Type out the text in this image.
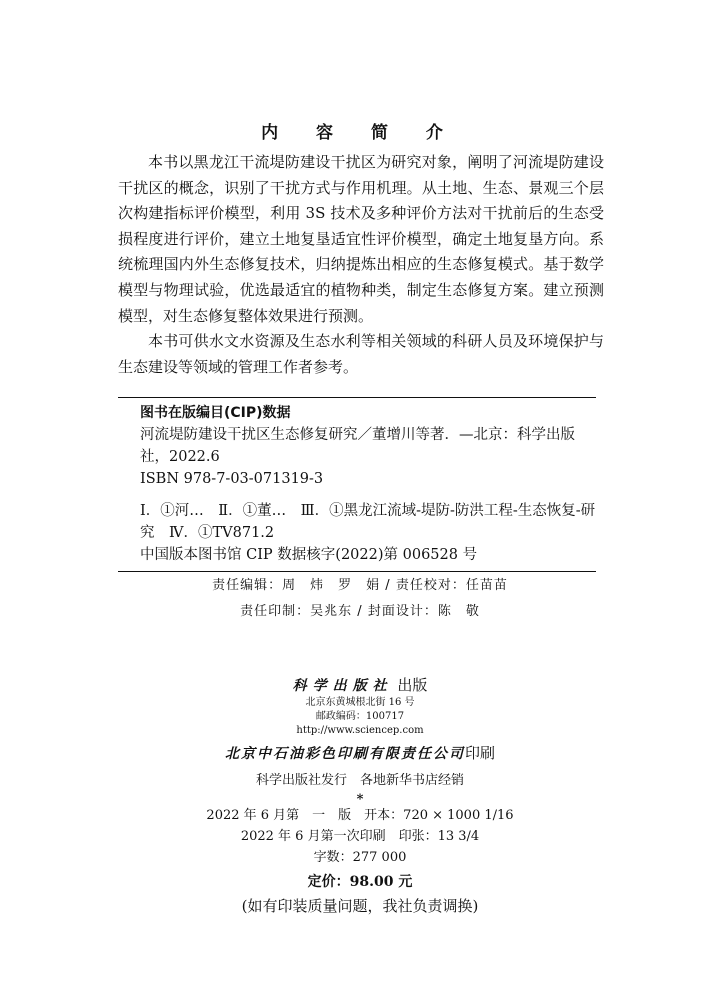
内 容 简 介

本书以黑龙江干流堤防建设干扰区为研究对象，阐明了河流堤防建设干扰区的概念，识别了干扰方式与作用机理。从土地、生态、景观三个层次构建指标评价模型，利用 3S 技术及多种评价方法对干扰前后的生态受损程度进行评价，建立土地复垦适宜性评价模型，确定土地复垦方向。系统梳理国内外生态修复技术，归纳提炼出相应的生态修复模式。基于数学模型与物理试验，优选最适宜的植物种类，制定生态修复方案。建立预测模型，对生态修复整体效果进行预测。

本书可供水文水资源及生态水利等相关领域的科研人员及环境保护与生态建设等领域的管理工作者参考。

图书在版编目(CIP)数据
河流堤防建设干扰区生态修复研究／董增川等著．—北京：科学出版社，2022.6
ISBN 978-7-03-071319-3
Ⅰ．①河…　Ⅱ．①董…　Ⅲ．①黑龙江流域-堤防-防洪工程-生态恢复-研究　Ⅳ．①TV871.2
中国版本图书馆 CIP 数据核字(2022)第 006528 号
责任编辑：周　炜　罗　娟 / 责任校对：任苗苗
责任印制：吴兆东 / 封面设计：陈　敬
科学出版社 出版
北京东黄城根北街 16 号
邮政编码：100717
http://www.sciencep.com
北京中石油彩色印刷有限责任公司印刷
科学出版社发行　各地新华书店经销
*
2022 年 6 月第　一　版　开本：720 × 1000 1/16
2022 年 6 月第一次印刷　印张：13 3/4
字数：277 000
定价：98.00 元
(如有印装质量问题，我社负责调换)
